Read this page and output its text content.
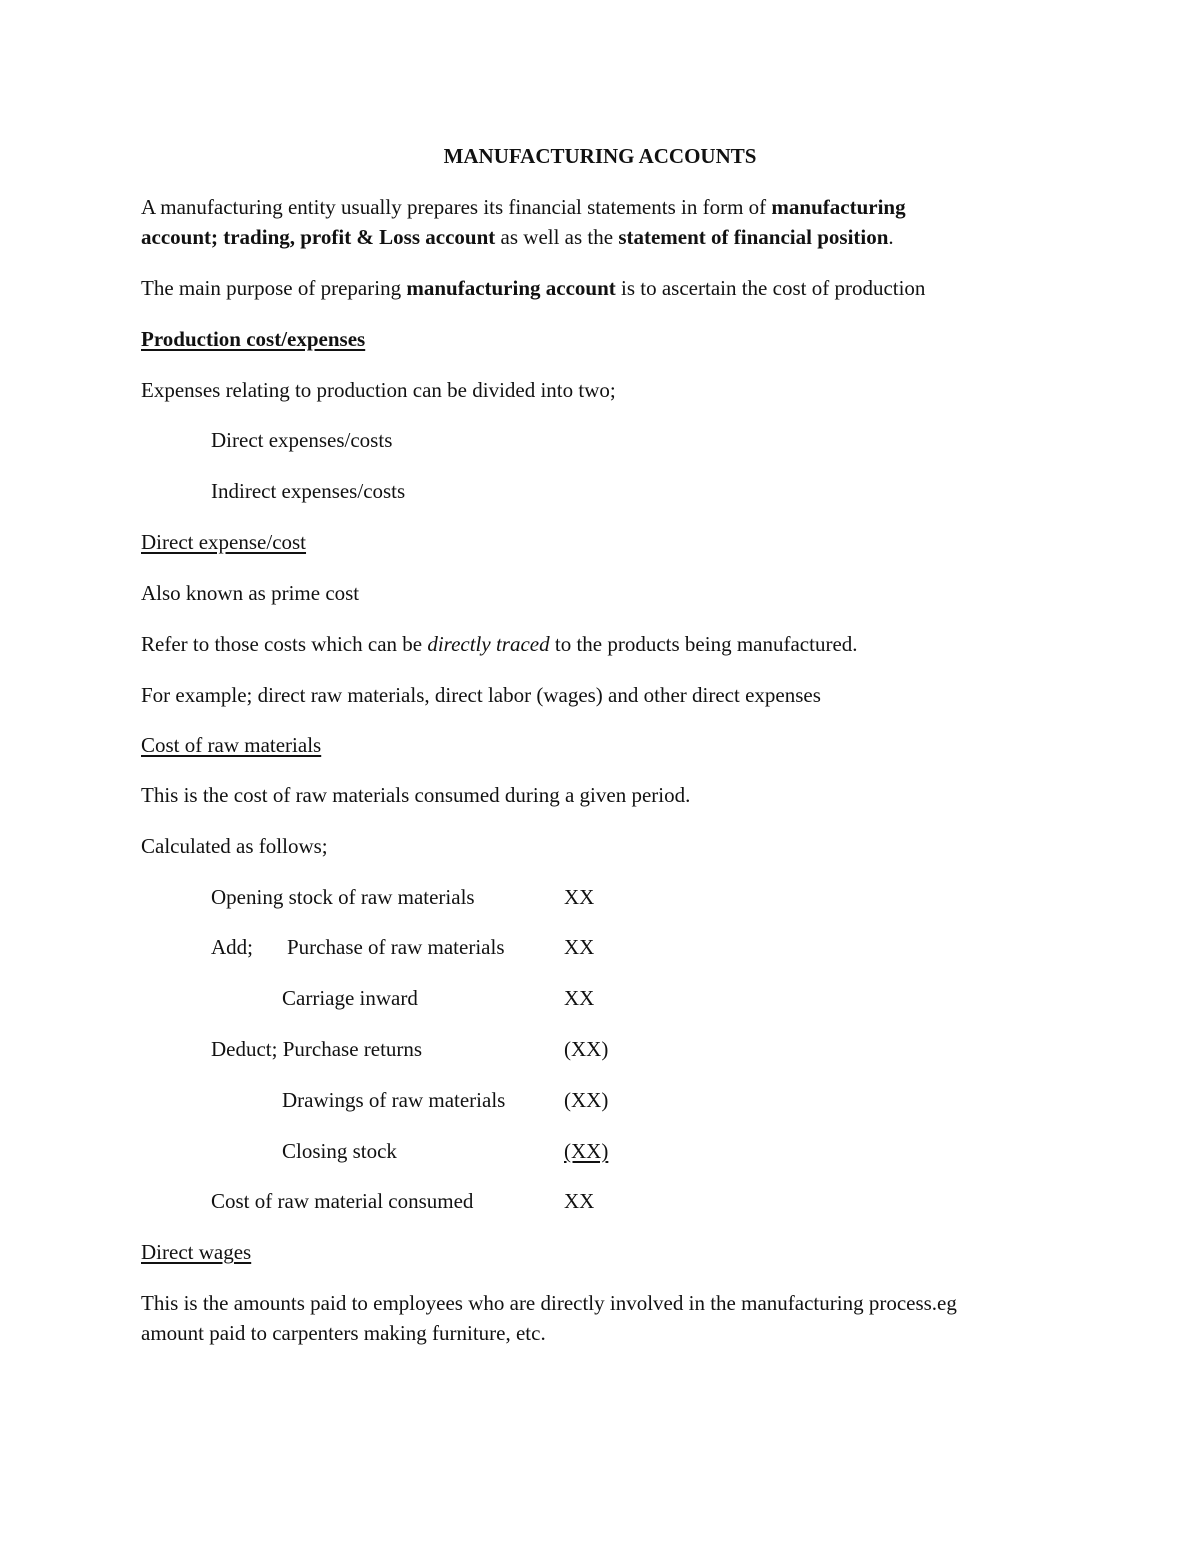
MANUFACTURING ACCOUNTS
A manufacturing entity usually prepares its financial statements in form of manufacturing
account; trading, profit & Loss account as well as the statement of financial position.
The main purpose of preparing manufacturing account is to ascertain the cost of production
Production cost/expenses
Expenses relating to production can be divided into two;
Direct expenses/costs
Indirect expenses/costs
Direct expense/cost
Also known as prime cost
Refer to those costs which can be directly traced to the products being manufactured.
For example; direct raw materials, direct labor (wages) and other direct expenses
Cost of raw materials
This is the cost of raw materials consumed during a given period.
Calculated as follows;
Opening stock of raw materials	XX
Add; Purchase of raw materials	XX
Carriage inward	XX
Deduct; Purchase returns	(XX)
Drawings of raw materials	(XX)
Closing stock	(XX)
Cost of raw material consumed	XX
Direct wages
This is the amounts paid to employees who are directly involved in the manufacturing process.eg
amount paid to carpenters making furniture, etc.
